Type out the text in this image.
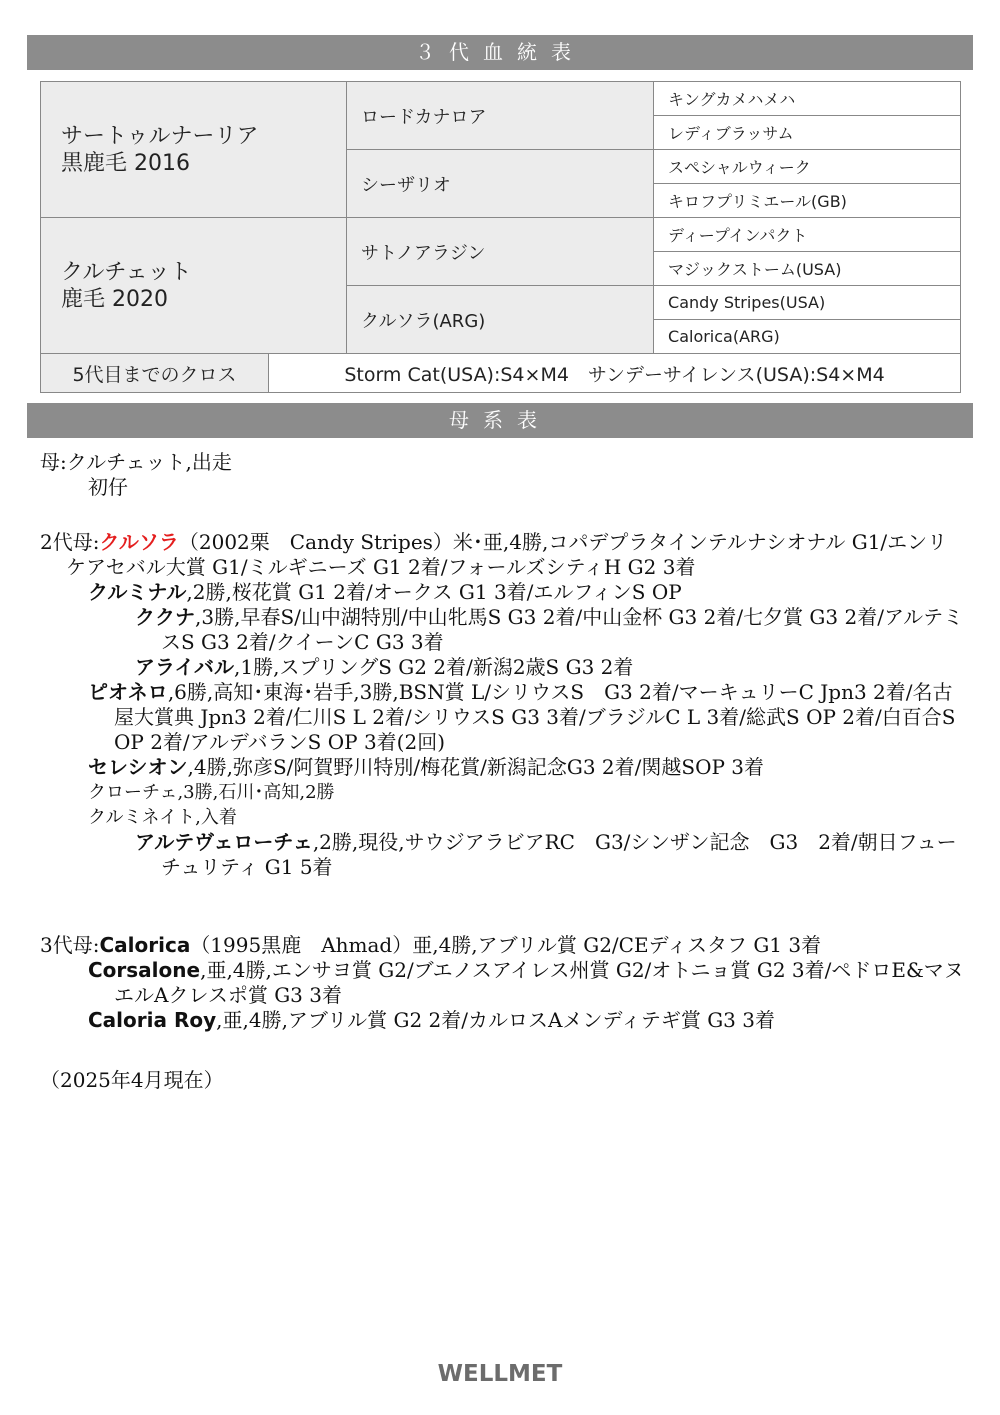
３代血統表
サートゥルナーリア
黒鹿毛 2016		ロードカナロア	キングカメハメハ
			レディブラッサム
		シーザリオ	スペシャルウィーク
			キロフプリミエール(GB)

クルチェット
鹿毛 2020		サトノアラジン	ディープインパクト
			マジックストーム(USA)
		クルソラ(ARG)	Candy Stripes(USA)
			Calorica(ARG)
5代目までのクロス	Storm Cat(USA):S4×M4　サンデーサイレンス(USA):S4×M4		
母系表
母:クルチェット,出走
初仔
2代母:クルソラ（2002栗　Candy Stripes）米･亜,4勝,コパデプラタインテルナシオナル G1/エンリケアセバル大賞 G1/ミルギニーズ G1 2着/フォールズシティH G2 3着
クルミナル,2勝,桜花賞 G1 2着/オークス G1 3着/エルフィンS OP
ククナ,3勝,早春S/山中湖特別/中山牝馬S G3 2着/中山金杯 G3 2着/七夕賞 G3 2着/アルテミスS G3 2着/クイーンC G3 3着
アライバル,1勝,スプリングS G2 2着/新潟2歳S G3 2着
ピオネロ,6勝,高知･東海･岩手,3勝,BSN賞 L/シリウスS　G3 2着/マーキュリーC Jpn3 2着/名古屋大賞典 Jpn3 2着/仁川S L 2着/シリウスS G3 3着/ブラジルC L 3着/総武S OP 2着/白百合S OP 2着/アルデバランS OP 3着(2回)
セレシオン,4勝,弥彦S/阿賀野川特別/梅花賞/新潟記念G3 2着/関越SOP 3着
クローチェ,3勝,石川･高知,2勝
クルミネイト,入着
アルテヴェローチェ,2勝,現役,サウジアラビアRC　G3/シンザン記念　G3　2着/朝日フューチュリティ G1 5着
3代母:Calorica（1995黒鹿　Ahmad）亜,4勝,アブリル賞 G2/CEディスタフ G1 3着
Corsalone,亜,4勝,エンサヨ賞 G2/ブエノスアイレス州賞 G2/オトニョ賞 G2 3着/ペドロE&マヌエルAクレスポ賞 G3 3着
Caloria Roy,亜,4勝,アブリル賞 G2 2着/カルロスAメンディテギ賞 G3 3着
（2025年4月現在）
WELLMET
